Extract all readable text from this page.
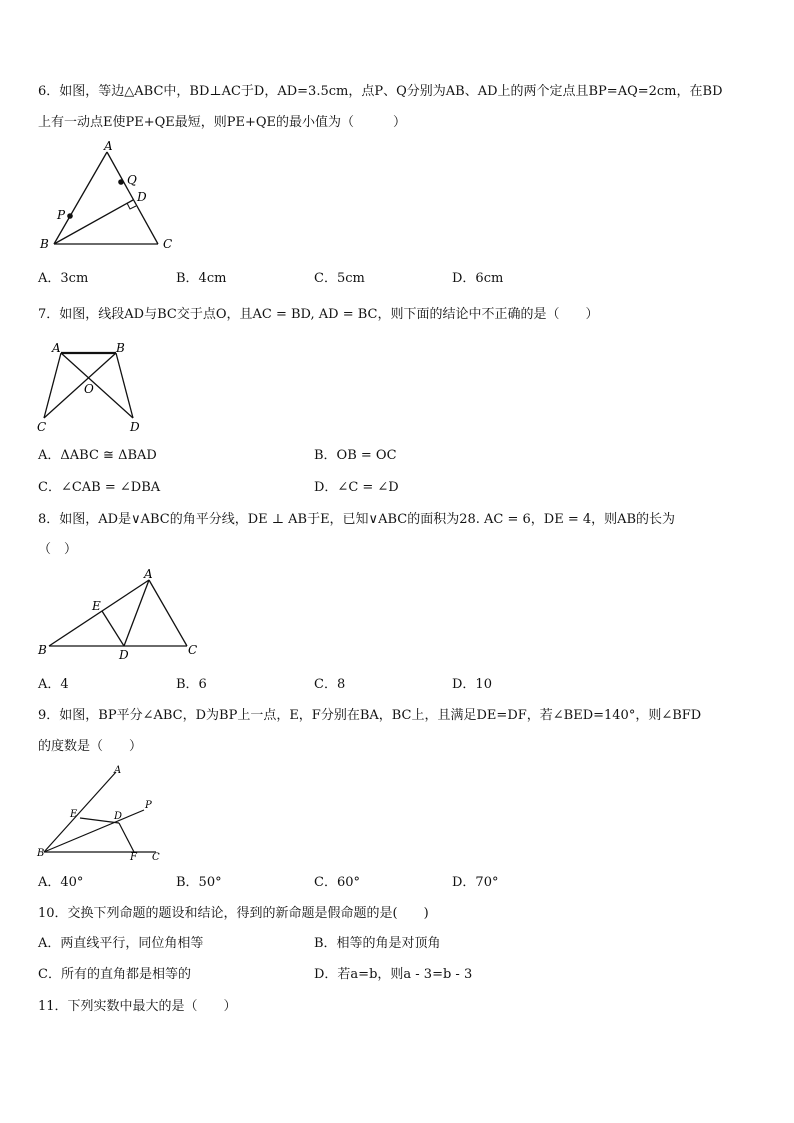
6．如图，等边△ABC中，BD⊥AC于D，AD=3.5cm，点P、Q分别为AB、AD上的两个定点且BP=AQ=2cm，在BD
上有一动点E使PE+QE最短，则PE+QE的最小值为（　　　）
A
Q
D
P
B	C
A．3cm	B．4cm	C．5cm	D．6cm
7．如图，线段AD与BC交于点O，且AC = BD, AD = BC，则下面的结论中不正确的是（　　）
A	B
O
C	D
A．ΔABC ≅ ΔBAD	B．OB = OC
C．∠CAB = ∠DBA	D．∠C = ∠D
8．如图，AD是∨ABC的角平分线，DE ⊥ AB于E，已知∨ABC的面积为28. AC = 6，DE = 4，则AB的长为
（　）
A
E
B	D	C
A．4	B．6	C．8	D．10
9．如图，BP平分∠ABC，D为BP上一点，E，F分别在BA，BC上，且满足DE=DF，若∠BED=140°，则∠BFD
的度数是（　　）
A
P
E	D
B	F C
A．40°	B．50°	C．60°	D．70°
10．交换下列命题的题设和结论，得到的新命题是假命题的是(　　)
A．两直线平行，同位角相等	B．相等的角是对顶角
C．所有的直角都是相等的	D．若a=b，则a - 3=b - 3
11．下列实数中最大的是（　　）
